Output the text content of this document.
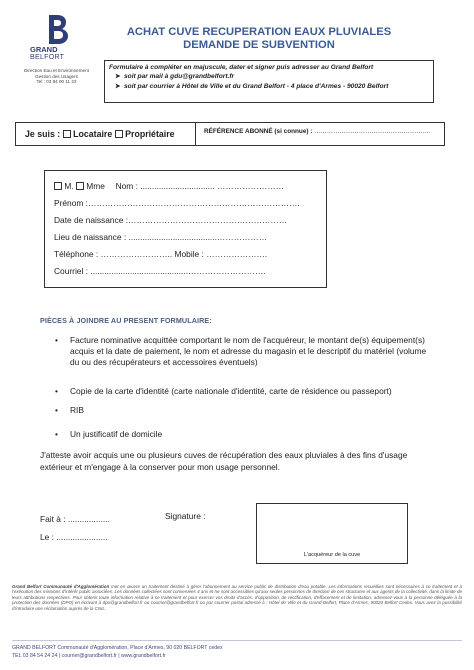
GRAND
BELFORT
Direction Eau et Environnement
Gestion des Usagers
Tel : 03 84 90 11 22
ACHAT CUVE RECUPERATION EAUX PLUVIALES
DEMANDE DE SUBVENTION
Formulaire à compléter en majuscule, dater et signer puis adresser au Grand Belfort
➤ soit par mail à gdu@grandbelfort.fr
➤ soit par courrier à Hôtel de Ville et du Grand Belfort - 4 place d'Armes - 90020 Belfort
Je suis : Locataire Propriétaire	RÉFÉRENCE ABONNÉ (si connue) : ……………………………………………….
M. Mme Nom : ................................ ……………………
Prénom :………………………………………………………………….
Date de naissance :…………………………………………………
Lieu de naissance : ......................................………………
Téléphone : …………………….. Mobile : ………………….
Courriel : ..........................................……………………….
PIÈCES À JOINDRE AU PRESENT FORMULAIRE:
• Facture nominative acquittée comportant le nom de l'acquéreur, le montant de(s) équipement(s) acquis et la date de paiement, le nom et adresse du magasin et le descriptif du matériel (volume du ou des récupérateurs et accessoires éventuels)
• Copie de la carte d'identité (carte nationale d'identité, carte de résidence ou passeport)
• RIB
• Un justificatif de domicile
J'atteste avoir acquis une ou plusieurs cuves de récupération des eaux pluviales à des fins d'usage extérieur et m'engage à la conserver pour mon usage personnel.
Fait à : ..................
Le : ......................
Signature :
L'acquéreur de la cuve
Grand Belfort Communauté d'Agglomération met en œuvre un traitement destiné à gérer l'abonnement au service public de distribution d'eau potable. Les informations recueillies sont nécessaires à ce traitement et à l'exécution des missions d'intérêt public associées. Les données collectées sont conservées 4 ans et ne sont accessibles qu'aux seules personnes de direction de ces structures et aux agents de la collectivité, dans la limite de leurs attributions respectives. Pour obtenir toute information relative à ce traitement et pour exercer vos droits d'accès, d'opposition, de rectification, d'effacement et de limitation, adressez-vous à la personne déléguée à la protection des données (DPO) en écrivant à dpo@grandbelfort.fr ou courrier@grandbelfort.fr ou par courrier postal adressé à : Hôtel de Ville et du Grand Belfort, Place d'Armes, 90020 Belfort Cedex. Vous avez la possibilité d'introduire une réclamation auprès de la CNIL.
GRAND BELFORT Communauté d'Agglomération, Place d'Armes, 90 020 BELFORT cedex
TEL 03 84 54 24 24 | courrier@grandbelfort.fr | www.grandbelfort.fr
